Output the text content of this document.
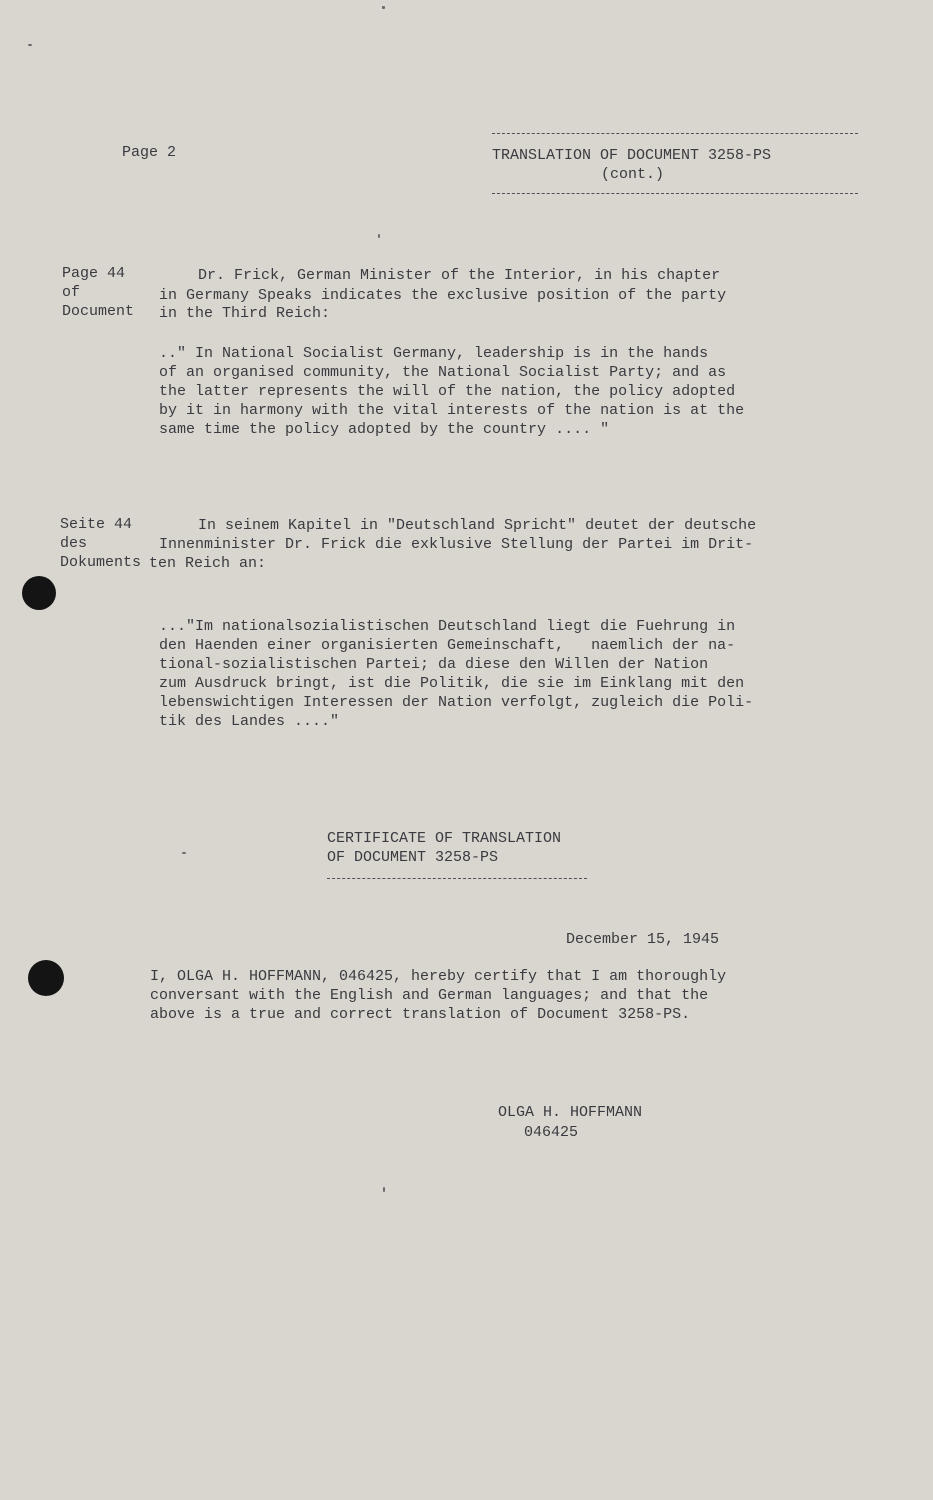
Page 2	TRANSLATION OF DOCUMENT 3258-PS

(cont.)

Page 44

of

Document

Dr. Frick, German Minister of the Interior, in his chapter

in Germany Speaks indicates the exclusive position of the party

in the Third Reich:

.." In National Socialist Germany, leadership is in the hands

of an organised community, the National Socialist Party; and as

the latter represents the will of the nation, the policy adopted

by it in harmony with the vital interests of the nation is at the

same time the policy adopted by the country .... "

Seite 44

des

Dokuments

In seinem Kapitel in "Deutschland Spricht" deutet der deutsche

Innenminister Dr. Frick die exklusive Stellung der Partei im Drit-

ten Reich an:

..."Im nationalsozialistischen Deutschland liegt die Fuehrung in

den Haenden einer organisierten Gemeinschaft,   naemlich der na-

tional-sozialistischen Partei; da diese den Willen der Nation

zum Ausdruck bringt, ist die Politik, die sie im Einklang mit den

lebenswichtigen Interessen der Nation verfolgt, zugleich die Poli-

tik des Landes ...."

CERTIFICATE OF TRANSLATION

OF DOCUMENT 3258-PS

December 15, 1945

I, OLGA H. HOFFMANN, 046425, hereby certify that I am thoroughly

conversant with the English and German languages; and that the

above is a true and correct translation of Document 3258-PS.

OLGA H. HOFFMANN

046425
